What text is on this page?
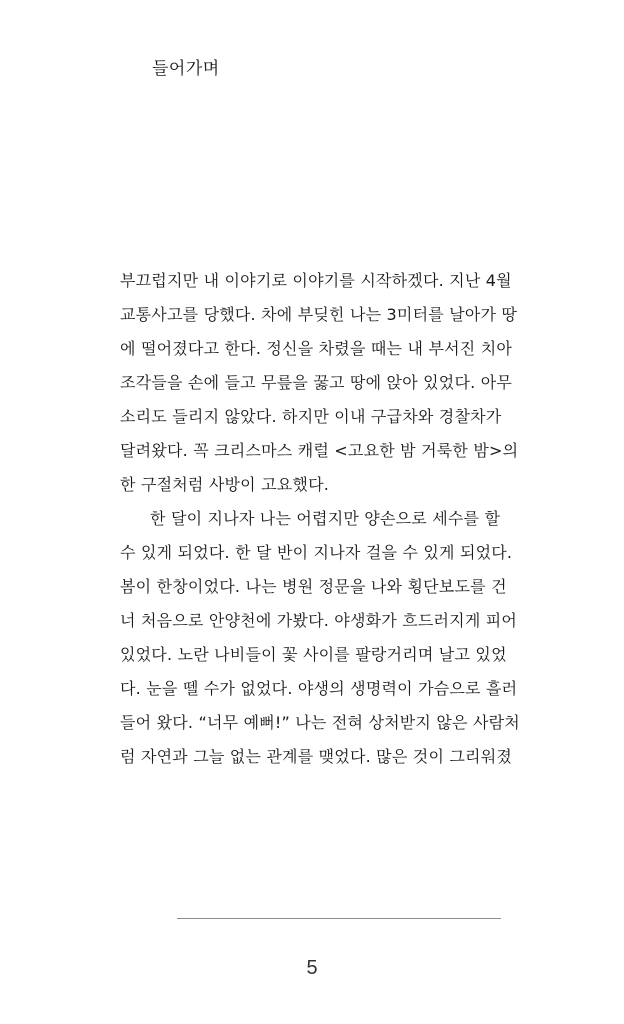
들어가며
부끄럽지만 내 이야기로 이야기를 시작하겠다. 지난 4월
교통사고를 당했다. 차에 부딪힌 나는 3미터를 날아가 땅
에 떨어졌다고 한다. 정신을 차렸을 때는 내 부서진 치아
조각들을 손에 들고 무릎을 꿇고 땅에 앉아 있었다. 아무
소리도 들리지 않았다. 하지만 이내 구급차와 경찰차가
달려왔다. 꼭 크리스마스 캐럴 <고요한 밤 거룩한 밤>의
한 구절처럼 사방이 고요했다.
한 달이 지나자 나는 어렵지만 양손으로 세수를 할
수 있게 되었다. 한 달 반이 지나자 걸을 수 있게 되었다.
봄이 한창이었다. 나는 병원 정문을 나와 횡단보도를 건
너 처음으로 안양천에 가봤다. 야생화가 흐드러지게 피어
있었다. 노란 나비들이 꽃 사이를 팔랑거리며 날고 있었
다. 눈을 뗄 수가 없었다. 야생의 생명력이 가슴으로 흘러
들어 왔다. “너무 예뻐!” 나는 전혀 상처받지 않은 사람처
럼 자연과 그늘 없는 관계를 맺었다. 많은 것이 그리워졌
5
